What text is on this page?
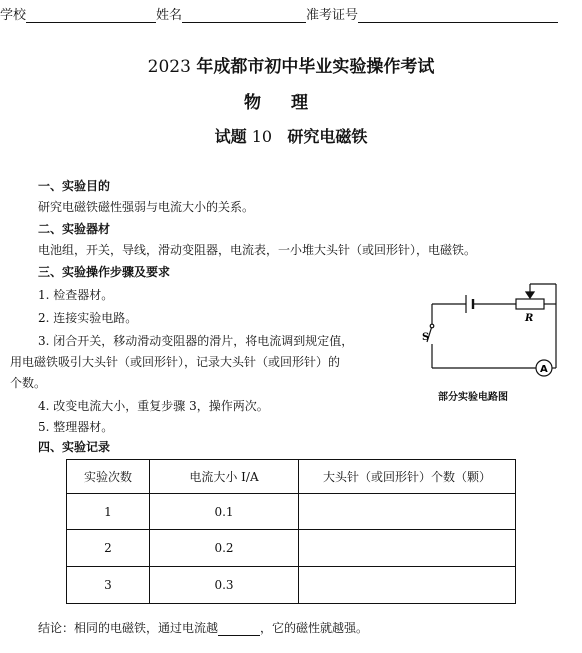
学校	姓名	准考证号
2023 年成都市初中毕业实验操作考试
物理
试题 10 研究电磁铁
一、实验目的
研究电磁铁磁性强弱与电流大小的关系。
二、实验器材
电池组，开关，导线，滑动变阻器，电流表，一小堆大头针（或回形针），电磁铁。
三、实验操作步骤及要求
1. 检查器材。
2. 连接实验电路。
3. 闭合开关，移动滑动变阻器的滑片，将电流调到规定值，
用电磁铁吸引大头针（或回形针），记录大头针（或回形针）的
个数。
4. 改变电流大小，重复步骤 3，操作两次。
5. 整理器材。
S
R
A
部分实验电路图
四、实验记录
实验次数	电流大小 I/A	大头针（或回形针）个数（颗）
1	0.1	
2	0.2	
3	0.3	
结论：相同的电磁铁，通过电流越	，它的磁性就越强。
